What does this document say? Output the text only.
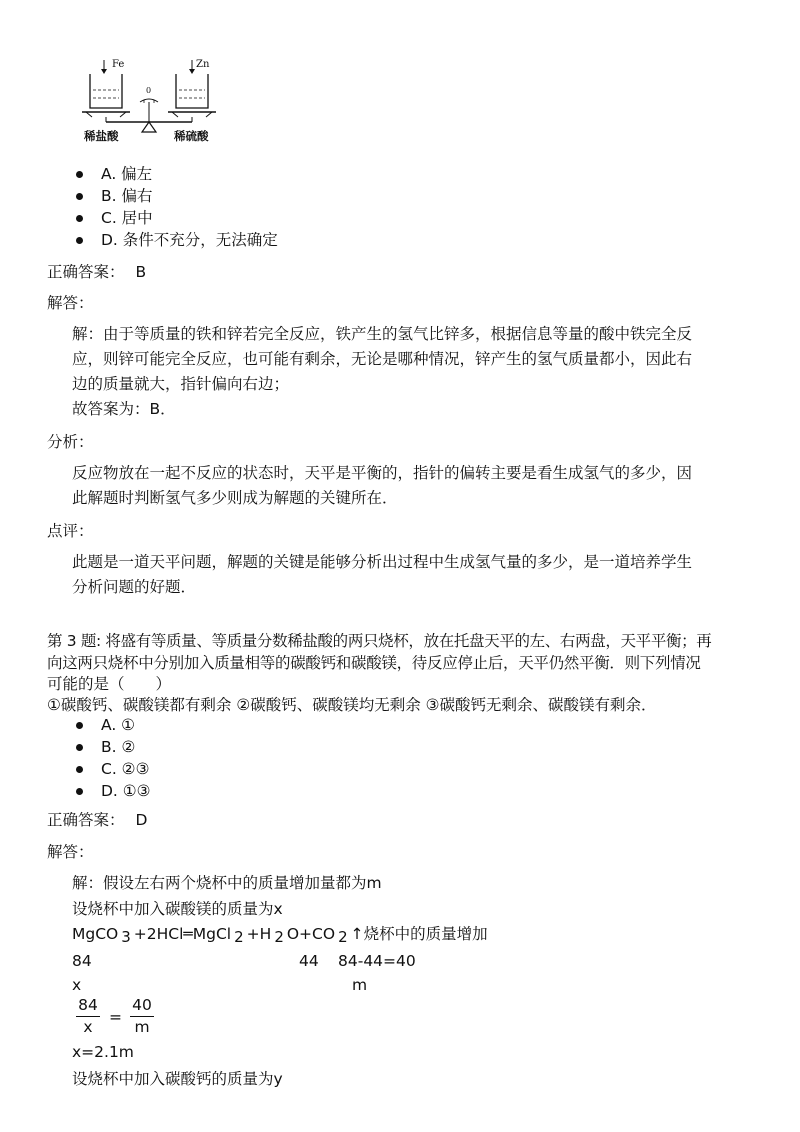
Fe	Zn
0
稀盐酸	稀硫酸
A. 偏左
B. 偏右
C. 居中
D. 条件不充分，无法确定
正确答案： B
解答：
解：由于等质量的铁和锌若完全反应，铁产生的氢气比锌多，根据信息等量的酸中铁完全反
应，则锌可能完全反应，也可能有剩余，无论是哪种情况，锌产生的氢气质量都小，因此右
边的质量就大，指针偏向右边；
故答案为：B．
分析：
反应物放在一起不反应的状态时，天平是平衡的，指针的偏转主要是看生成氢气的多少，因
此解题时判断氢气多少则成为解题的关键所在．
点评：
此题是一道天平问题，解题的关键是能够分析出过程中生成氢气量的多少，是一道培养学生
分析问题的好题．
第 3 题: 将盛有等质量、等质量分数稀盐酸的两只烧杯，放在托盘天平的左、右两盘，天平平衡；再
向这两只烧杯中分别加入质量相等的碳酸钙和碳酸镁，待反应停止后，天平仍然平衡．则下列情况
可能的是（　　）
①碳酸钙、碳酸镁都有剩余 ②碳酸钙、碳酸镁均无剩余 ③碳酸钙无剩余、碳酸镁有剩余．
A. ①
B. ②
C. ②③
D. ①③
正确答案： D
解答：
解：假设左右两个烧杯中的质量增加量都为m
设烧杯中加入碳酸镁的质量为x
MgCO $_3$ +2HCl═MgCl $_2$ +H $_2$ O+CO $_2$ ↑烧杯中的质量增加
84	44 84-44=40
x	m
84
x
=
40
m
x=2.1m
设烧杯中加入碳酸钙的质量为y
